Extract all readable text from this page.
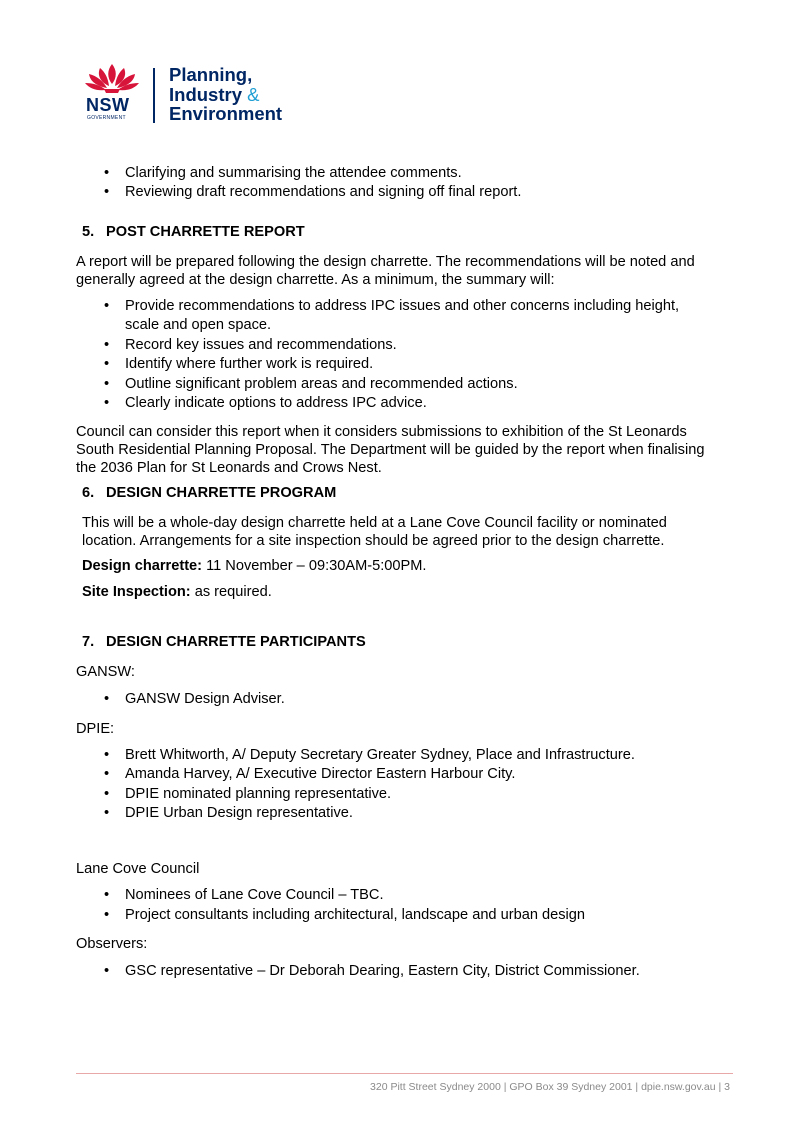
NSW
GOVERNMENT
Planning,
Industry &
Environment
• Clarifying and summarising the attendee comments.
• Reviewing draft recommendations and signing off final report.
5. POST CHARRETTE REPORT
A report will be prepared following the design charrette. The recommendations will be noted and
generally agreed at the design charrette. As a minimum, the summary will:
• Provide recommendations to address IPC issues and other concerns including height,
scale and open space.
• Record key issues and recommendations.
• Identify where further work is required.
• Outline significant problem areas and recommended actions.
• Clearly indicate options to address IPC advice.
Council can consider this report when it considers submissions to exhibition of the St Leonards
South Residential Planning Proposal. The Department will be guided by the report when finalising
the 2036 Plan for St Leonards and Crows Nest.
6. DESIGN CHARRETTE PROGRAM
This will be a whole-day design charrette held at a Lane Cove Council facility or nominated
location. Arrangements for a site inspection should be agreed prior to the design charrette.
Design charrette: 11 November – 09:30AM-5:00PM.
Site Inspection: as required.
7. DESIGN CHARRETTE PARTICIPANTS
GANSW:
• GANSW Design Adviser.
DPIE:
• Brett Whitworth, A/ Deputy Secretary Greater Sydney, Place and Infrastructure.
• Amanda Harvey, A/ Executive Director Eastern Harbour City.
• DPIE nominated planning representative.
• DPIE Urban Design representative.
Lane Cove Council
• Nominees of Lane Cove Council – TBC.
• Project consultants including architectural, landscape and urban design
Observers:
• GSC representative – Dr Deborah Dearing, Eastern City, District Commissioner.
320 Pitt Street Sydney 2000 | GPO Box 39 Sydney 2001 | dpie.nsw.gov.au | 3
